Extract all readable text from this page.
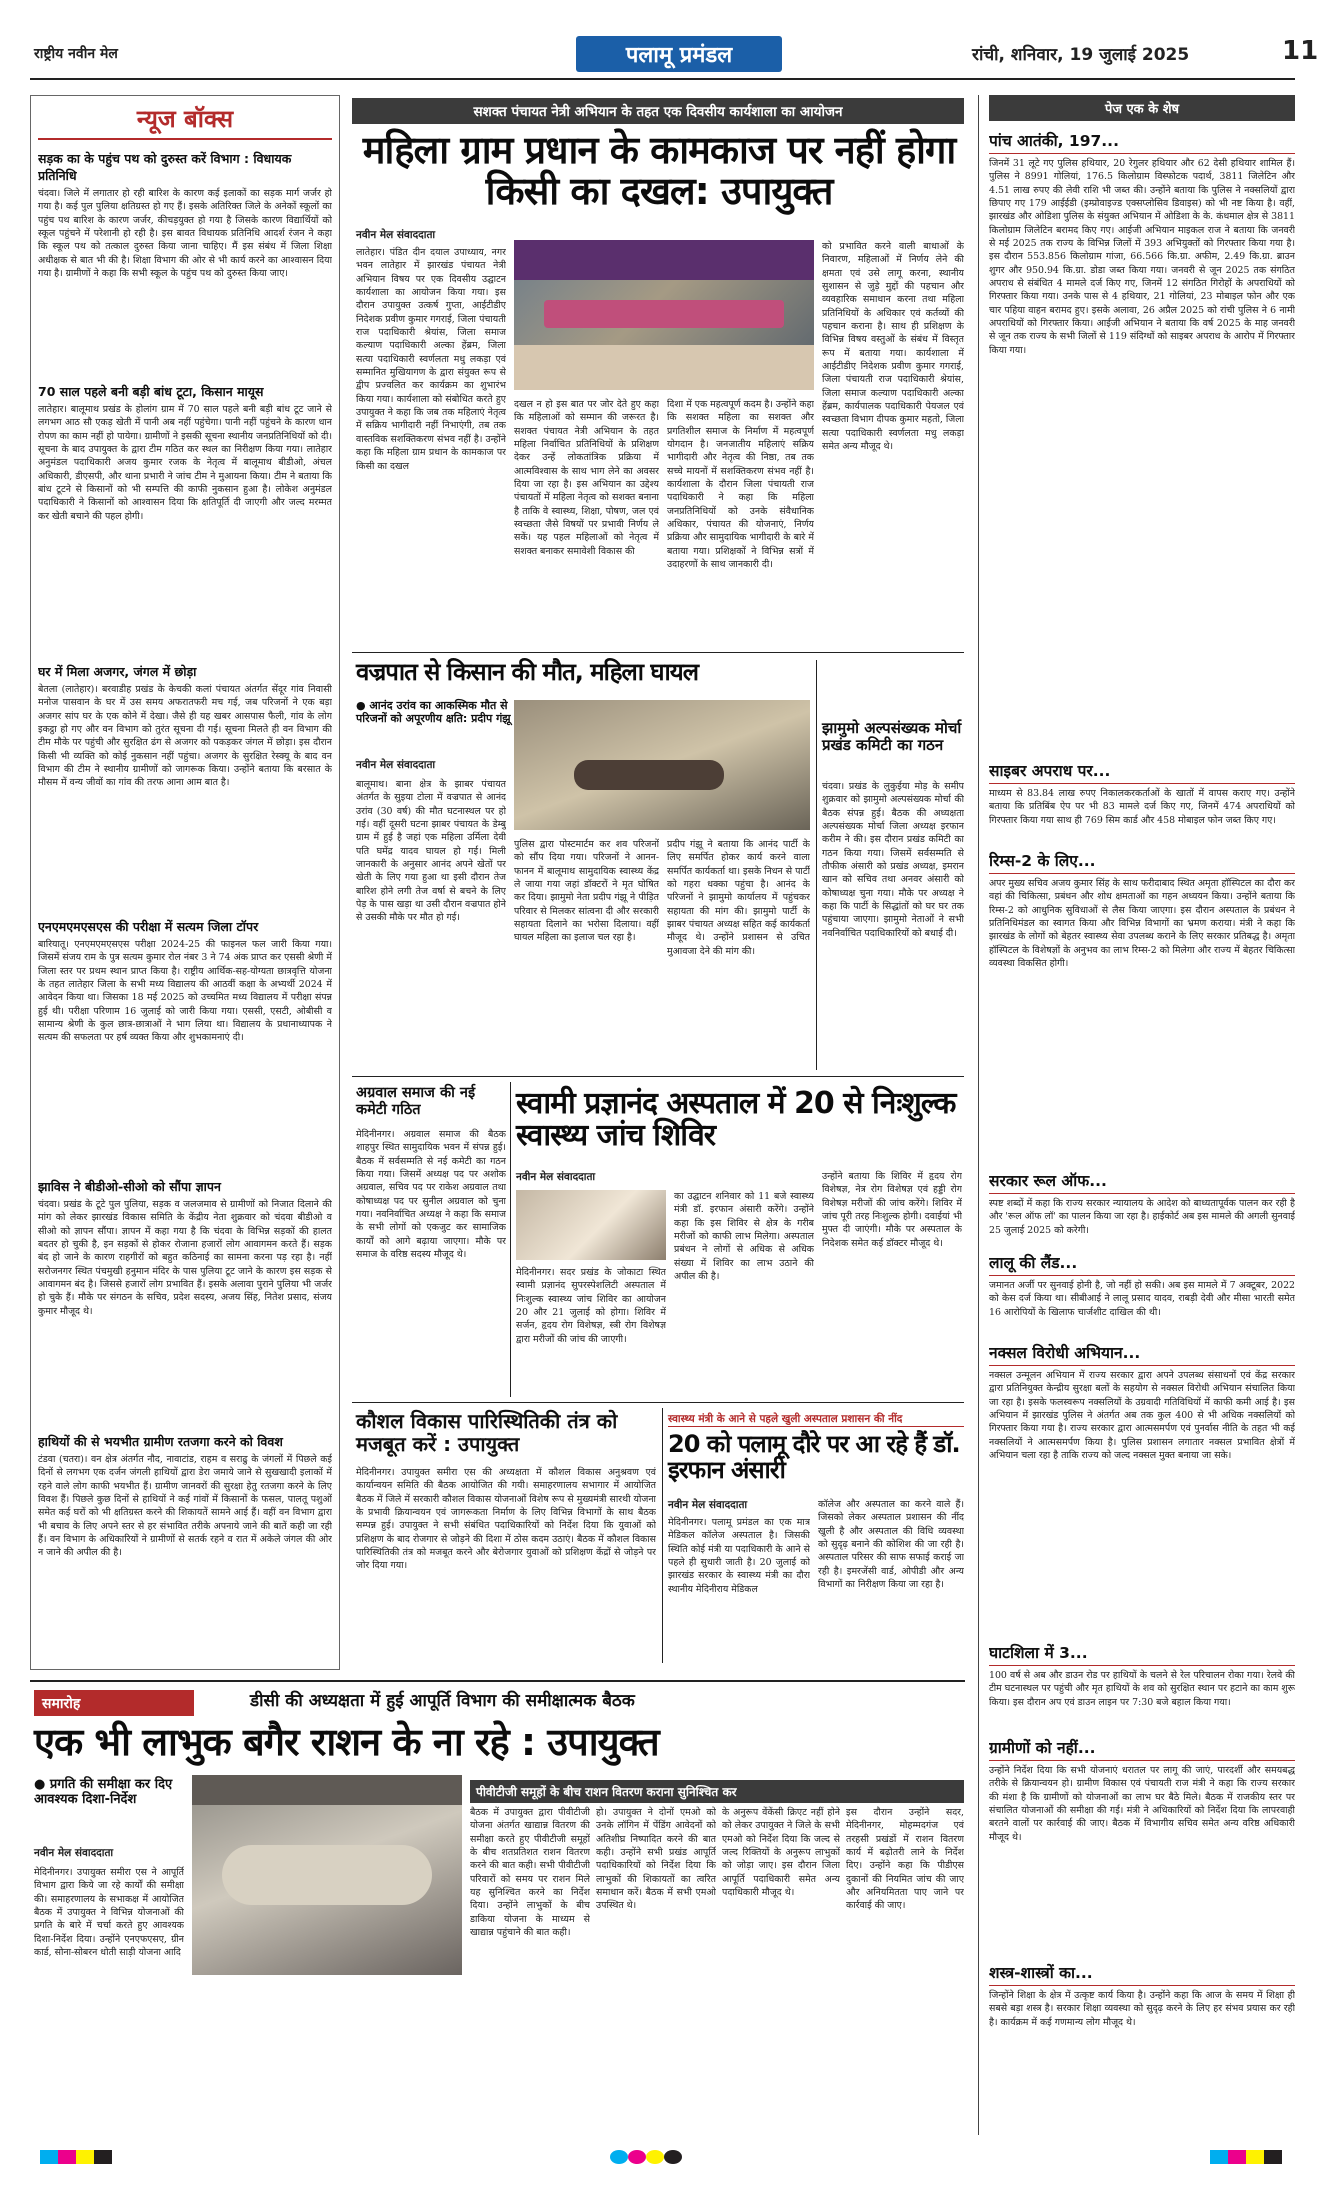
राष्ट्रीय नवीन मेल	पलामू प्रमंडल	रांची, शनिवार, 19 जुलाई 2025	11
न्यूज बॉक्स
सड़क का के पहुंच पथ को दुरुस्त करें विभाग : विधायक प्रतिनिधि
चंदवा। जिले में लगातार हो रही बारिश के कारण कई इलाकों का सड़क मार्ग जर्जर हो गया है। कई पुल पुलिया क्षतिग्रस्त हो गए हैं। इसके अतिरिक्त जिले के अनेकों स्कूलों का पहुंच पथ बारिश के कारण जर्जर, कीचड़युक्त हो गया है जिसके कारण विद्यार्थियों को स्कूल पहुंचने में परेशानी हो रही है। इस बावत विधायक प्रतिनिधि आदर्श रंजन ने कहा कि स्कूल पथ को तत्काल दुरुस्त किया जाना चाहिए। मैं इस संबंध में जिला शिक्षा अधीक्षक से बात भी की है। शिक्षा विभाग की ओर से भी कार्य करने का आश्वासन दिया गया है। ग्रामीणों ने कहा कि सभी स्कूल के पहुंच पथ को दुरुस्त किया जाए।
70 साल पहले बनी बड़ी बांध टूटा, किसान मायूस
लातेहार। बालूमाथ प्रखंड के होलांग ग्राम में 70 साल पहले बनी बड़ी बांध टूट जाने से लगभग आठ सौ एकड़ खेती में पानी अब नहीं पहुंचेगा। पानी नहीं पहुंचने के कारण धान रोपण का काम नहीं हो पायेगा। ग्रामीणों ने इसकी सूचना स्थानीय जनप्रतिनिधियों को दी। सूचना के बाद उपायुक्त के द्वारा टीम गठित कर स्थल का निरीक्षण किया गया। लातेहार अनुमंडल पदाधिकारी अजय कुमार रजक के नेतृत्व में बालूमाथ बीडीओ, अंचल अधिकारी, डीएसपी, और थाना प्रभारी ने जांच टीम ने मुआयना किया। टीम ने बताया कि बांध टूटने से किसानों को भी सम्पत्ति की काफी नुकसान हुआ है। लोकेश अनुमंडल पदाधिकारी ने किसानों को आश्वासन दिया कि क्षतिपूर्ति दी जाएगी और जल्द मरम्मत कर खेती बचाने की पहल होगी।
घर में मिला अजगर, जंगल में छोड़ा
बेतला (लातेहार)। बरवाडीह प्रखंड के केचकी कलां पंचायत अंतर्गत सेंदूर गांव निवासी मनोज पासवान के घर में उस समय अफरातफरी मच गई, जब परिजनों ने एक बड़ा अजगर सांप घर के एक कोने में देखा। जैसे ही यह खबर आसपास फैली, गांव के लोग इकट्ठा हो गए और वन विभाग को तुरंत सूचना दी गई। सूचना मिलते ही वन विभाग की टीम मौके पर पहुंची और सुरक्षित ढंग से अजगर को पकड़कर जंगल में छोड़ा। इस दौरान किसी भी व्यक्ति को कोई नुकसान नहीं पहुंचा। अजगर के सुरक्षित रेस्क्यू के बाद वन विभाग की टीम ने स्थानीय ग्रामीणों को जागरूक किया। उन्होंने बताया कि बरसात के मौसम में वन्य जीवों का गांव की तरफ आना आम बात है।
एनएमएमएसएस की परीक्षा में सत्यम जिला टॉपर
बारियातू। एनएमएमएसएस परीक्षा 2024-25 की फाइनल फल जारी किया गया। जिसमें संजय राम के पुत्र सत्यम कुमार रोल नंबर 3 ने 74 अंक प्राप्त कर एससी श्रेणी में जिला स्तर पर प्रथम स्थान प्राप्त किया है। राष्ट्रीय आर्थिक-सह-योग्यता छात्रवृत्ति योजना के तहत लातेहार जिला के सभी मध्य विद्यालय की आठवीं कक्षा के अभ्यर्थी 2024 में आवेदन किया था। जिसका 18 मई 2025 को उच्चमित मध्य विद्यालय में परीक्षा संपन्न हुई थी। परीक्षा परिणाम 16 जुलाई को जारी किया गया। एससी, एसटी, ओबीसी व सामान्य श्रेणी के कुल छात्र-छात्राओं ने भाग लिया था। विद्यालय के प्रधानाध्यापक ने सत्यम की सफलता पर हर्ष व्यक्त किया और शुभकामनाएं दी।
झाविस ने बीडीओ-सीओ को सौंपा ज्ञापन
चंदवा। प्रखंड के टूटे पुल पुलिया, सड़क व जलजमाव से ग्रामीणों को निजात दिलाने की मांग को लेकर झारखंड विकास समिति के केंद्रीय नेता शुक्रवार को चंदवा बीडीओ व सीओ को ज्ञापन सौंपा। ज्ञापन में कहा गया है कि चंदवा के विभिन्न सड़कों की हालत बदतर हो चुकी है, इन सड़कों से होकर रोजाना हजारों लोग आवागमन करते हैं। सड़क बंद हो जाने के कारण राहगीरों को बहुत कठिनाई का सामना करना पड़ रहा है। नहीं सरोजनगर स्थित पंचमुखी हनुमान मंदिर के पास पुलिया टूट जाने के कारण इस सड़क से आवागमन बंद है। जिससे हजारों लोग प्रभावित हैं। इसके अलावा पुराने पुलिया भी जर्जर हो चुके हैं। मौके पर संगठन के सचिव, प्रदेश सदस्य, अजय सिंह, नितेश प्रसाद, संजय कुमार मौजूद थे।
हाथियों की से भयभीत ग्रामीण रतजगा करने को विवश
टंडवा (चतरा)। वन क्षेत्र अंतर्गत नौद, नावाटांड, राहम व सराढु के जंगलों में पिछले कई दिनों से लगभग एक दर्जन जंगली हाथियों द्वारा डेरा जमाये जाने से सुखखादी इलाकों में रहने वाले लोग काफी भयभीत हैं। ग्रामीण जानवरों की सुरक्षा हेतु रतजगा करने के लिए विवश हैं। पिछले कुछ दिनों से हाथियों ने कई गांवों में किसानों के फसल, पालतू पशुओं समेत कई घरों को भी क्षतिग्रस्त करने की शिकायतें सामने आई हैं। वहीं वन विभाग द्वारा भी बचाव के लिए अपने स्तर से हर संभावित तरीके अपनाये जाने की बातें कही जा रही हैं। वन विभाग के अधिकारियों ने ग्रामीणों से सतर्क रहने व रात में अकेले जंगल की ओर न जाने की अपील की है।
सशक्त पंचायत नेत्री अभियान के तहत एक दिवसीय कार्यशाला का आयोजन
महिला ग्राम प्रधान के कामकाज पर नहीं होगा किसी का दखल: उपायुक्त
नवीन मेल संवाददाता
लातेहार। पंडित दीन दयाल उपाध्याय, नगर भवन लातेहार में झारखंड पंचायत नेत्री अभियान विषय पर एक दिवसीय उद्घाटन कार्यशाला का आयोजन किया गया। इस दौरान उपायुक्त उत्कर्ष गुप्ता, आईटीडीए निदेशक प्रवीण कुमार गगराई, जिला पंचायती राज पदाधिकारी श्रेयांस, जिला समाज कल्याण पदाधिकारी अल्का हेंब्रम, जिला सत्या पदाधिकारी स्वर्णलता मधु लकड़ा एवं सम्मानित मुखियागण के द्वारा संयुक्त रूप से द्वीप प्रज्वलित कर कार्यक्रम का शुभारंभ किया गया। कार्यशाला को संबोधित करते हुए उपायुक्त ने कहा कि जब तक महिलाएं नेतृत्व में सक्रिय भागीदारी नहीं निभाएंगी, तब तक वास्तविक सशक्तिकरण संभव नहीं है। उन्होंने कहा कि महिला ग्राम प्रधान के कामकाज पर किसी का दखल
दखल न हो इस बात पर जोर देते हुए कहा कि महिलाओं को सम्मान की जरूरत है। सशक्त पंचायत नेत्री अभियान के तहत महिला निर्वाचित प्रतिनिधियों के प्रशिक्षण देकर उन्हें लोकतांत्रिक प्रक्रिया में आत्मविश्वास के साथ भाग लेने का अवसर दिया जा रहा है। इस अभियान का उद्देश्य पंचायतों में महिला नेतृत्व को सशक्त बनाना है ताकि वे स्वास्थ्य, शिक्षा, पोषण, जल एवं स्वच्छता जैसे विषयों पर प्रभावी निर्णय ले सकें। यह पहल महिलाओं को नेतृत्व में सशक्त बनाकर समावेशी विकास की
दिशा में एक महत्वपूर्ण कदम है। उन्होंने कहा कि सशक्त महिला का सशक्त और प्रगतिशील समाज के निर्माण में महत्वपूर्ण योगदान है। जनजातीय महिलाएं सक्रिय भागीदारी और नेतृत्व की निष्ठा, तब तक सच्चे मायनों में सशक्तिकरण संभव नहीं है। कार्यशाला के दौरान जिला पंचायती राज पदाधिकारी ने कहा कि महिला जनप्रतिनिधियों को उनके संवैधानिक अधिकार, पंचायत की योजनाएं, निर्णय प्रक्रिया और सामुदायिक भागीदारी के बारे में बताया गया। प्रशिक्षकों ने विभिन्न सत्रों में उदाहरणों के साथ जानकारी दी।
को प्रभावित करने वाली बाधाओं के निवारण, महिलाओं में निर्णय लेने की क्षमता एवं उसे लागू करना, स्थानीय सुशासन से जुड़े मुद्दों की पहचान और व्यवहारिक समाधान करना तथा महिला प्रतिनिधियों के अधिकार एवं कर्तव्यों की पहचान कराना है। साथ ही प्रशिक्षण के विभिन्न विषय वस्तुओं के संबंध में विस्तृत रूप में बताया गया। कार्यशाला में आईटीडीए निदेशक प्रवीण कुमार गगराई, जिला पंचायती राज पदाधिकारी श्रेयांस, जिला समाज कल्याण पदाधिकारी अल्का हेंब्रम, कार्यपालक पदाधिकारी पेयजल एवं स्वच्छता विभाग दीपक कुमार महतो, जिला सत्या पदाधिकारी स्वर्णलता मधु लकड़ा समेत अन्य मौजूद थे।
वज्रपात से किसान की मौत, महिला घायल
● आनंद उरांव का आकस्मिक मौत से परिजनों को अपूरणीय क्षति: प्रदीप गंझू
नवीन मेल संवाददाता
बालूमाथ। बाना क्षेत्र के झाबर पंचायत अंतर्गत के सुइया टोला में वज्रपात से आनंद उरांव (30 वर्ष) की मौत घटनास्थल पर हो गई। वहीं दूसरी घटना झाबर पंचायत के डेम्बु ग्राम में हुई है जहां एक महिला उर्मिला देवी पति घमेंद्र यादव घायल हो गई। मिली जानकारी के अनुसार आनंद अपने खेतों पर खेती के लिए गया हुआ था इसी दौरान तेज बारिश होने लगी तेज वर्षा से बचने के लिए पेड़ के पास खड़ा था उसी दौरान वज्रपात होने से उसकी मौके पर मौत हो गई।
पुलिस द्वारा पोस्टमार्टम कर शव परिजनों को सौंप दिया गया। परिजनों ने आनन-फानन में बालूमाथ सामुदायिक स्वास्थ्य केंद्र ले जाया गया जहां डॉक्टरों ने मृत घोषित कर दिया। झामुमो नेता प्रदीप गंझू ने पीड़ित परिवार से मिलकर सांत्वना दी और सरकारी सहायता दिलाने का भरोसा दिलाया। वहीं घायल महिला का इलाज चल रहा है।
प्रदीप गंझू ने बताया कि आनंद पार्टी के लिए समर्पित होकर कार्य करने वाला समर्पित कार्यकर्ता था। इसके निधन से पार्टी को गहरा धक्का पहुंचा है। आनंद के परिजनों ने झामुमो कार्यालय में पहुंचकर सहायता की मांग की। झामुमो पार्टी के झाबर पंचायत अध्यक्ष सहित कई कार्यकर्ता मौजूद थे। उन्होंने प्रशासन से उचित मुआवजा देने की मांग की।
झामुमो अल्पसंख्यक मोर्चा प्रखंड कमिटी का गठन
चंदवा। प्रखंड के लुकुईया मोड़ के समीप शुक्रवार को झामुमो अल्पसंख्यक मोर्चा की बैठक संपन्न हुई। बैठक की अध्यक्षता अल्पसंख्यक मोर्चा जिला अध्यक्ष इरफान करीम ने की। इस दौरान प्रखंड कमिटी का गठन किया गया। जिसमें सर्वसम्मति से तौफीक अंसारी को प्रखंड अध्यक्ष, इमरान खान को सचिव तथा अनवर अंसारी को कोषाध्यक्ष चुना गया। मौके पर अध्यक्ष ने कहा कि पार्टी के सिद्धांतों को घर घर तक पहुंचाया जाएगा। झामुमो नेताओं ने सभी नवनिर्वाचित पदाधिकारियों को बधाई दी।
अग्रवाल समाज की नई कमेटी गठित
मेदिनीनगर। अग्रवाल समाज की बैठक शाहपुर स्थित सामुदायिक भवन में संपन्न हुई। बैठक में सर्वसम्मति से नई कमेटी का गठन किया गया। जिसमें अध्यक्ष पद पर अशोक अग्रवाल, सचिव पद पर राकेश अग्रवाल तथा कोषाध्यक्ष पद पर सुनील अग्रवाल को चुना गया। नवनिर्वाचित अध्यक्ष ने कहा कि समाज के सभी लोगों को एकजुट कर सामाजिक कार्यों को आगे बढ़ाया जाएगा। मौके पर समाज के वरिष्ठ सदस्य मौजूद थे।
स्वामी प्रज्ञानंद अस्पताल में 20 से निःशुल्क स्वास्थ्य जांच शिविर
नवीन मेल संवाददाता
मेदिनीनगर। सदर प्रखंड के जोकाटा स्थित स्वामी प्रज्ञानंद सुपरस्पेशलिटी अस्पताल में निःशुल्क स्वास्थ्य जांच शिविर का आयोजन 20 और 21 जुलाई को होगा। शिविर में सर्जन, हृदय रोग विशेषज्ञ, स्त्री रोग विशेषज्ञ द्वारा मरीजों की जांच की जाएगी।
का उद्घाटन शनिवार को 11 बजे स्वास्थ्य मंत्री डॉ. इरफान अंसारी करेंगे। उन्होंने कहा कि इस शिविर से क्षेत्र के गरीब मरीजों को काफी लाभ मिलेगा। अस्पताल प्रबंधन ने लोगों से अधिक से अधिक संख्या में शिविर का लाभ उठाने की अपील की है।
उन्होंने बताया कि शिविर में हृदय रोग विशेषज्ञ, नेत्र रोग विशेषज्ञ एवं हड्डी रोग विशेषज्ञ मरीजों की जांच करेंगे। शिविर में जांच पूरी तरह निःशुल्क होगी। दवाईयां भी मुफ्त दी जाएंगी। मौके पर अस्पताल के निदेशक समेत कई डॉक्टर मौजूद थे।
कौशल विकास पारिस्थितिकी तंत्र को मजबूत करें : उपायुक्त
मेदिनीनगर। उपायुक्त समीरा एस की अध्यक्षता में कौशल विकास अनुश्रवण एवं कार्यान्वयन समिति की बैठक आयोजित की गयी। समाहरणालय सभागार में आयोजित बैठक में जिले में सरकारी कौशल विकास योजनाओं विशेष रूप से मुख्यमंत्री सारथी योजना के प्रभावी क्रियान्वयन एवं जागरूकता निर्माण के लिए विभिन्न विभागों के साथ बैठक सम्पन्न हुई। उपायुक्त ने सभी संबंधित पदाधिकारियों को निर्देश दिया कि युवाओं को प्रशिक्षण के बाद रोजगार से जोड़ने की दिशा में ठोस कदम उठाएं। बैठक में कौशल विकास पारिस्थितिकी तंत्र को मजबूत करने और बेरोजगार युवाओं को प्रशिक्षण केंद्रों से जोड़ने पर जोर दिया गया।
स्वास्थ्य मंत्री के आने से पहले खुली अस्पताल प्रशासन की नींद
20 को पलामू दौरे पर आ रहे हैं डॉ. इरफान अंसारी
नवीन मेल संवाददाता
मेदिनीनगर। पलामू प्रमंडल का एक मात्र मेडिकल कॉलेज अस्पताल है। जिसकी स्थिति कोई मंत्री या पदाधिकारी के आने से पहले ही सुधारी जाती है। 20 जुलाई को झारखंड सरकार के स्वास्थ्य मंत्री का दौरा स्थानीय मेदिनीराय मेडिकल
कॉलेज और अस्पताल का करने वाले हैं। जिसको लेकर अस्पताल प्रशासन की नींद खुली है और अस्पताल की विधि व्यवस्था को सुदृढ़ बनाने की कोशिश की जा रही है। अस्पताल परिसर की साफ सफाई कराई जा रही है। इमरजेंसी वार्ड, ओपीडी और अन्य विभागों का निरीक्षण किया जा रहा है।
पेज एक के शेष
पांच आतंकी, 197...
जिनमें 31 लूटे गए पुलिस हथियार, 20 रेगुलर हथियार और 62 देसी हथियार शामिल हैं। पुलिस ने 8991 गोलियां, 176.5 किलोग्राम विस्फोटक पदार्थ, 3811 जिलेटिन और 4.51 लाख रुपए की लेवी राशि भी जब्त की। उन्होंने बताया कि पुलिस ने नक्सलियों द्वारा छिपाए गए 179 आईईडी (इम्प्रोवाइज्ड एक्सप्लोसिव डिवाइस) को भी नष्ट किया है। वहीं, झारखंड और ओडिशा पुलिस के संयुक्त अभियान में ओडिशा के के. कंधमाल क्षेत्र से 3811 किलोग्राम जिलेटिन बरामद किए गए। आईजी अभियान माइकल राज ने बताया कि जनवरी से मई 2025 तक राज्य के विभिन्न जिलों में 393 अभियुक्तों को गिरफ्तार किया गया है। इस दौरान 553.856 किलोग्राम गांजा, 66.566 कि.ग्रा. अफीम, 2.49 कि.ग्रा. ब्राउन शुगर और 950.94 कि.ग्रा. डोडा जब्त किया गया। जनवरी से जून 2025 तक संगठित अपराध से संबंधित 4 मामले दर्ज किए गए, जिनमें 12 संगठित गिरोहों के अपराधियों को गिरफ्तार किया गया। उनके पास से 4 हथियार, 21 गोलियां, 23 मोबाइल फोन और एक चार पहिया वाहन बरामद हुए। इसके अलावा, 26 अप्रैल 2025 को रांची पुलिस ने 6 नामी अपराधियों को गिरफ्तार किया। आईजी अभियान ने बताया कि वर्ष 2025 के माह जनवरी से जून तक राज्य के सभी जिलों से 119 संदिग्धों को साइबर अपराध के आरोप में गिरफ्तार किया गया।
साइबर अपराध पर...
माध्यम से 83.84 लाख रुपए निकालकरकर्ताओं के खातों में वापस कराए गए। उन्होंने बताया कि प्रतिबिंब ऐप पर भी 83 मामले दर्ज किए गए, जिनमें 474 अपराधियों को गिरफ्तार किया गया साथ ही 769 सिम कार्ड और 458 मोबाइल फोन जब्त किए गए।
रिम्स-2 के लिए...
अपर मुख्य सचिव अजय कुमार सिंह के साथ फरीदाबाद स्थित अमृता हॉस्पिटल का दौरा कर वहां की चिकित्सा, प्रबंधन और शोध क्षमताओं का गहन अध्ययन किया। उन्होंने बताया कि रिम्स-2 को आधुनिक सुविधाओं से लैस किया जाएगा। इस दौरान अस्पताल के प्रबंधन ने प्रतिनिधिमंडल का स्वागत किया और विभिन्न विभागों का भ्रमण कराया। मंत्री ने कहा कि झारखंड के लोगों को बेहतर स्वास्थ्य सेवा उपलब्ध कराने के लिए सरकार प्रतिबद्ध है। अमृता हॉस्पिटल के विशेषज्ञों के अनुभव का लाभ रिम्स-2 को मिलेगा और राज्य में बेहतर चिकित्सा व्यवस्था विकसित होगी।
सरकार रूल ऑफ...
स्पष्ट शब्दों में कहा कि राज्य सरकार न्यायालय के आदेश को बाध्यतापूर्वक पालन कर रही है और 'रूल ऑफ लॉ' का पालन किया जा रहा है। हाईकोर्ट अब इस मामले की अगली सुनवाई 25 जुलाई 2025 को करेगी।
लालू की लैंड...
जमानत अर्जी पर सुनवाई होनी है, जो नहीं हो सकी। अब इस मामले में 7 अक्टूबर, 2022 को केस दर्ज किया था। सीबीआई ने लालू प्रसाद यादव, राबड़ी देवी और मीसा भारती समेत 16 आरोपियों के खिलाफ चार्जशीट दाखिल की थी।
नक्सल विरोधी अभियान...
नक्सल उन्मूलन अभियान में राज्य सरकार द्वारा अपने उपलब्ध संसाधनों एवं केंद्र सरकार द्वारा प्रतिनियुक्त केन्द्रीय सुरक्षा बलों के सहयोग से नक्सल विरोधी अभियान संचालित किया जा रहा है। इसके फलस्वरूप नक्सलियों के उग्रवादी गतिविधियों में काफी कमी आई है। इस अभियान में झारखंड पुलिस ने अंतर्गत अब तक कुल 400 से भी अधिक नक्सलियों को गिरफ्तार किया गया है। राज्य सरकार द्वारा आत्मसमर्पण एवं पुनर्वास नीति के तहत भी कई नक्सलियों ने आत्मसमर्पण किया है। पुलिस प्रशासन लगातार नक्सल प्रभावित क्षेत्रों में अभियान चला रहा है ताकि राज्य को जल्द नक्सल मुक्त बनाया जा सके।
घाटशिला में 3...
100 वर्ष से अब और डाउन रोड पर हाथियों के चलने से रेल परिचालन रोका गया। रेलवे की टीम घटनास्थल पर पहुंची और मृत हाथियों के शव को सुरक्षित स्थान पर हटाने का काम शुरू किया। इस दौरान अप एवं डाउन लाइन पर 7:30 बजे बहाल किया गया।
ग्रामीणों को नहीं...
उन्होंने निर्देश दिया कि सभी योजनाएं धरातल पर लागू की जाएं, पारदर्शी और समयबद्ध तरीके से क्रियान्वयन हो। ग्रामीण विकास एवं पंचायती राज मंत्री ने कहा कि राज्य सरकार की मंशा है कि ग्रामीणों को योजनाओं का लाभ घर बैठे मिले। बैठक में राजकीय स्तर पर संचालित योजनाओं की समीक्षा की गई। मंत्री ने अधिकारियों को निर्देश दिया कि लापरवाही बरतने वालों पर कार्रवाई की जाए। बैठक में विभागीय सचिव समेत अन्य वरिष्ठ अधिकारी मौजूद थे।
शस्त्र-शास्त्रों का...
जिन्होंने शिक्षा के क्षेत्र में उत्कृष्ट कार्य किया है। उन्होंने कहा कि आज के समय में शिक्षा ही सबसे बड़ा शस्त्र है। सरकार शिक्षा व्यवस्था को सुदृढ़ करने के लिए हर संभव प्रयास कर रही है। कार्यक्रम में कई गणमान्य लोग मौजूद थे।
समारोह	डीसी की अध्यक्षता में हुई आपूर्ति विभाग की समीक्षात्मक बैठक
एक भी लाभुक बगैर राशन के ना रहे : उपायुक्त
● प्रगति की समीक्षा कर दिए आवश्यक दिशा-निर्देश
नवीन मेल संवाददाता
मेदिनीनगर। उपायुक्त समीरा एस ने आपूर्ति विभाग द्वारा किये जा रहे कार्यों की समीक्षा की। समाहरणालय के सभाकक्ष में आयोजित बैठक में उपायुक्त ने विभिन्न योजनाओं की प्रगति के बारे में चर्चा करते हुए आवश्यक दिशा-निर्देश दिया। उन्होंने एनएफएसए, ग्रीन कार्ड, सोना-सोबरन धोती साड़ी योजना आदि
पीवीटीजी समूहों के बीच राशन वितरण कराना सुनिश्चित कर
बैठक में उपायुक्त द्वारा पीवीटीजी योजना अंतर्गत खाद्यान्न वितरण की समीक्षा करते हुए पीवीटीजी समूहों के बीच शतप्रतिशत राशन वितरण करने की बात कही। सभी पीवीटीजी परिवारों को समय पर राशन मिले यह सुनिश्चित करने का निर्देश दिया। उन्होंने लाभुकों के बीच डाकिया योजना के माध्यम से खाद्यान्न पहुंचाने की बात कही।
हो। उपायुक्त ने दोनों एमओ को उनके लॉगिन में पेंडिंग आवेदनों को अतिशीघ्र निष्पादित करने की बात कही। उन्होंने सभी प्रखंड आपूर्ति पदाधिकारियों को निर्देश दिया कि लाभुकों की शिकायतों का त्वरित समाधान करें। बैठक में सभी एमओ उपस्थित थे।
के अनुरूप वेंकेंसी क्रिएट नहीं होने को लेकर उपायुक्त ने जिले के सभी एमओ को निर्देश दिया कि जल्द से जल्द रिक्तियों के अनुरूप लाभुकों को जोड़ा जाए। इस दौरान जिला आपूर्ति पदाधिकारी समेत अन्य पदाधिकारी मौजूद थे।
इस दौरान उन्होंने सदर, मेदिनीनगर, मोहम्मदगंज एवं तरहसी प्रखंडों में राशन वितरण कार्य में बढ़ोतरी लाने के निर्देश दिए। उन्होंने कहा कि पीडीएस दुकानों की नियमित जांच की जाए और अनियमितता पाए जाने पर कार्रवाई की जाए।
